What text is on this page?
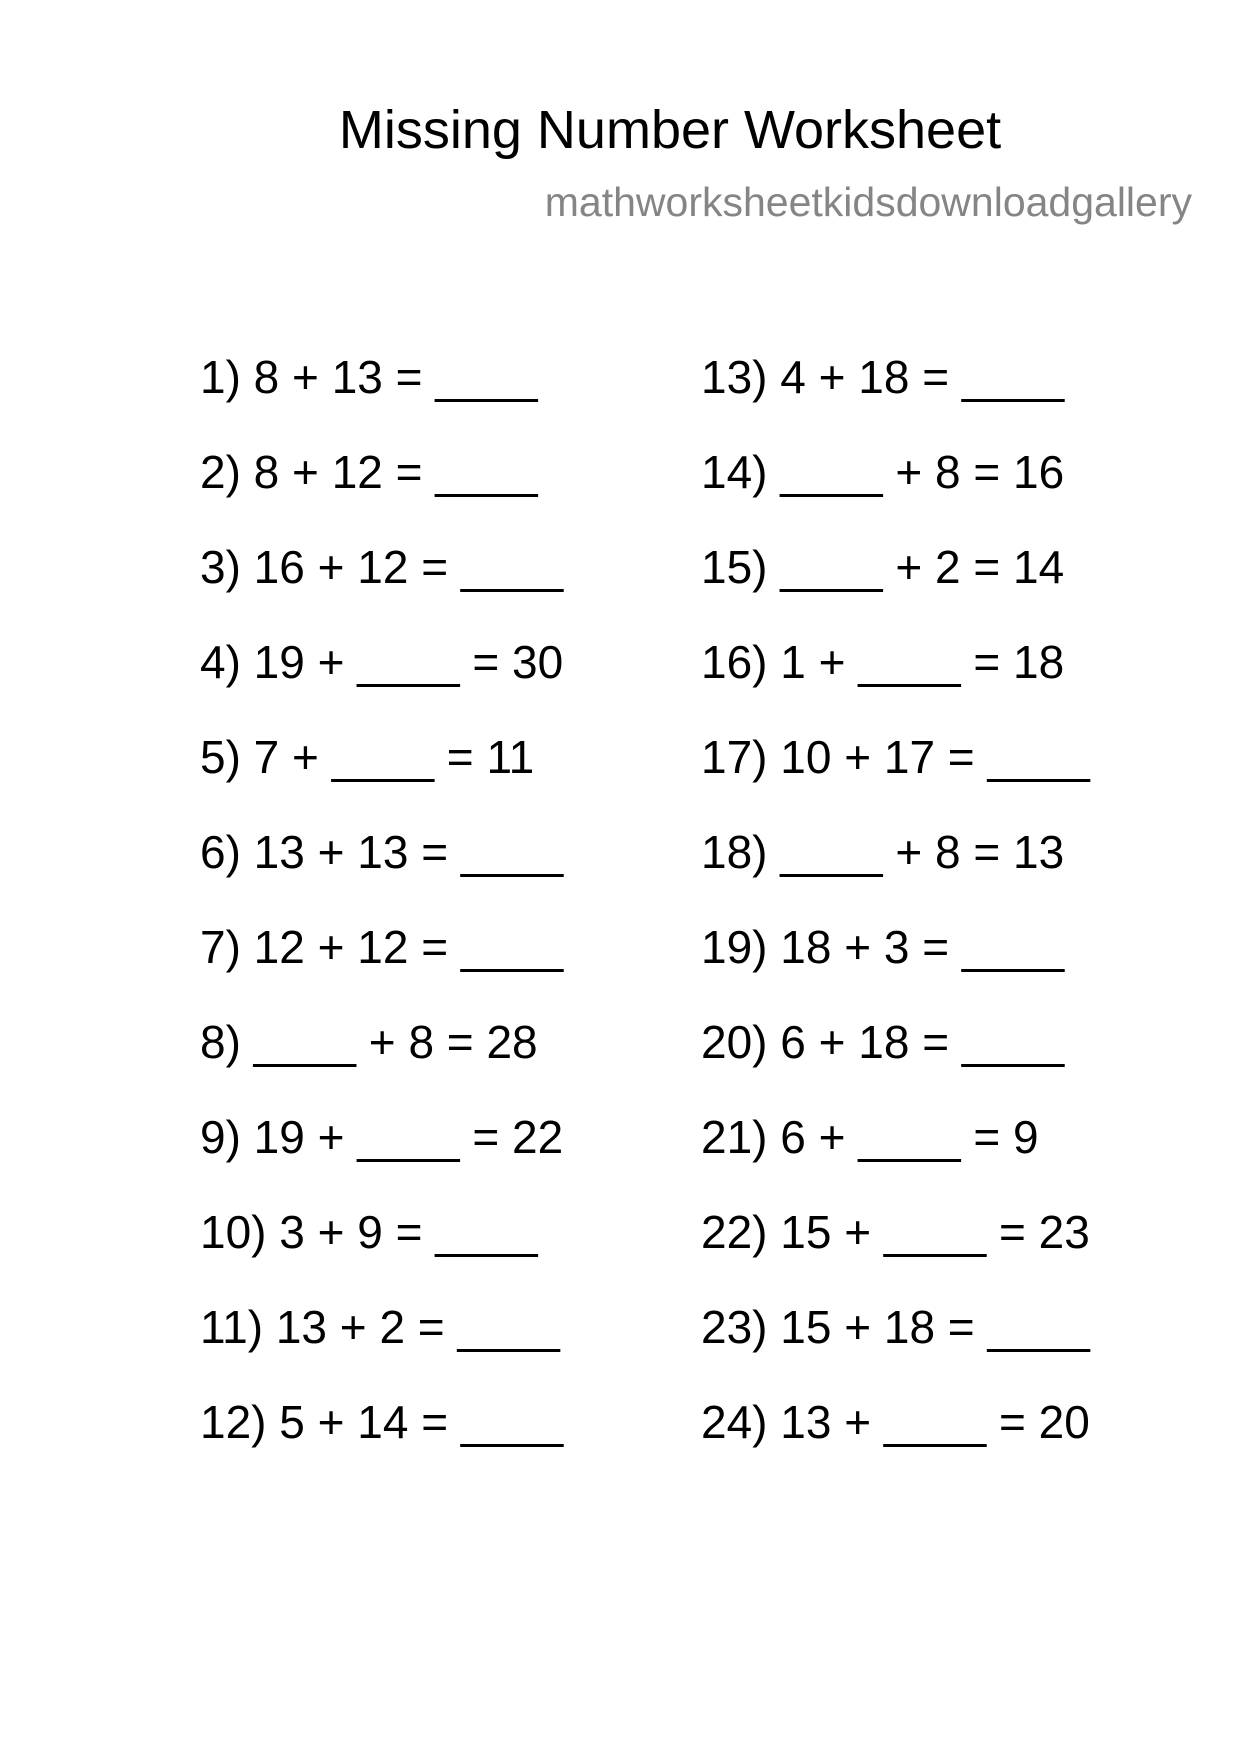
Missing Number Worksheet
mathworksheetkidsdownloadgallery
1) 8 + 13 = ____
2) 8 + 12 = ____
3) 16 + 12 = ____
4) 19 + ____ = 30
5) 7 + ____ = 11
6) 13 + 13 = ____
7) 12 + 12 = ____
8) ____ + 8 = 28
9) 19 + ____ = 22
10) 3 + 9 = ____
11) 13 + 2 = ____
12) 5 + 14 = ____
13) 4 + 18 = ____
14) ____ + 8 = 16
15) ____ + 2 = 14
16) 1 + ____ = 18
17) 10 + 17 = ____
18) ____ + 8 = 13
19) 18 + 3 = ____
20) 6 + 18 = ____
21) 6 + ____ = 9
22) 15 + ____ = 23
23) 15 + 18 = ____
24) 13 + ____ = 20
